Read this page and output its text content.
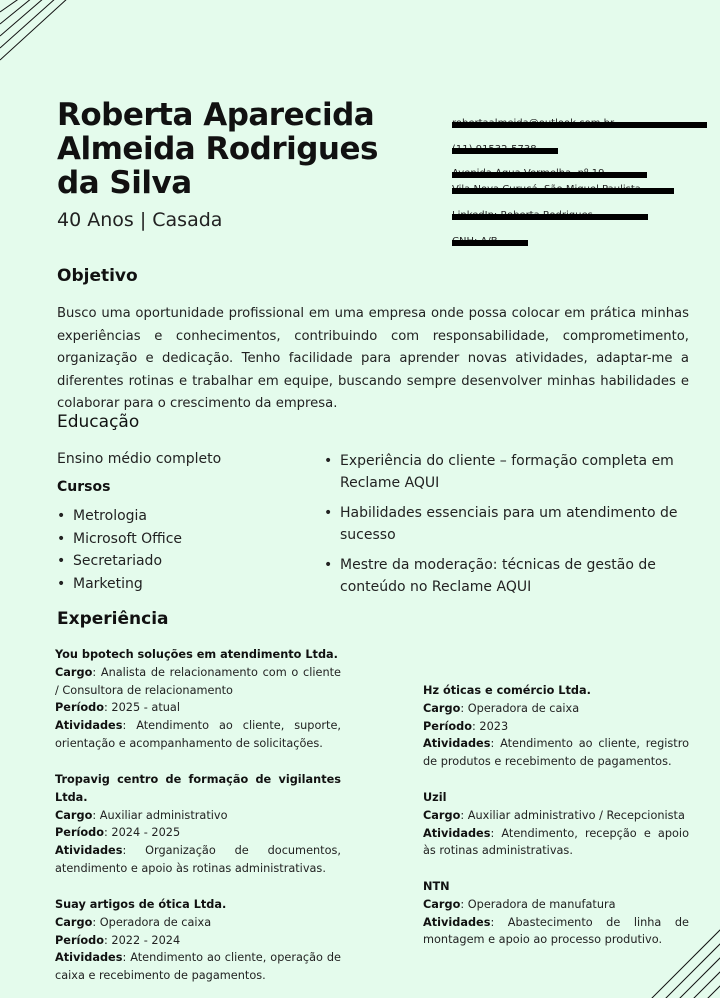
Roberta Aparecida
Almeida Rodrigues
da Silva
40 Anos | Casada
Objetivo

Busco uma oportunidade profissional em uma empresa onde possa colocar em prática minhas experiências e conhecimentos, contribuindo com responsabilidade, comprometimento, organização e dedicação. Tenho facilidade para aprender novas atividades, adaptar-me a diferentes rotinas e trabalhar em equipe, buscando sempre desenvolver minhas habilidades e colaborar para o crescimento da empresa.

Educação
Ensino médio completo
Cursos
• Metrologia
• Microsoft Office
• Secretariado
• Marketing
• Experiência do cliente – formação completa em Reclame AQUI
• Habilidades essenciais para um atendimento de sucesso
• Mestre da moderação: técnicas de gestão de conteúdo no Reclame AQUI
Experiência
You bpotech soluções em atendimento Ltda.
Cargo: Analista de relacionamento com o cliente / Consultora de relacionamento
Período: 2025 - atual
Atividades: Atendimento ao cliente, suporte, orientação e acompanhamento de solicitações.
Tropavig centro de formação de vigilantes Ltda.
Cargo: Auxiliar administrativo
Período: 2024 - 2025
Atividades: Organização de documentos, atendimento e apoio às rotinas administrativas.
Suay artigos de ótica Ltda.
Cargo: Operadora de caixa
Período: 2022 - 2024
Atividades: Atendimento ao cliente, operação de caixa e recebimento de pagamentos.
Hz óticas e comércio Ltda.
Cargo: Operadora de caixa
Período: 2023
Atividades: Atendimento ao cliente, registro de produtos e recebimento de pagamentos.
Uzil
Cargo: Auxiliar administrativo / Recepcionista
Atividades: Atendimento, recepção e apoio às rotinas administrativas.
NTN
Cargo: Operadora de manufatura
Atividades: Abastecimento de linha de montagem e apoio ao processo produtivo.
